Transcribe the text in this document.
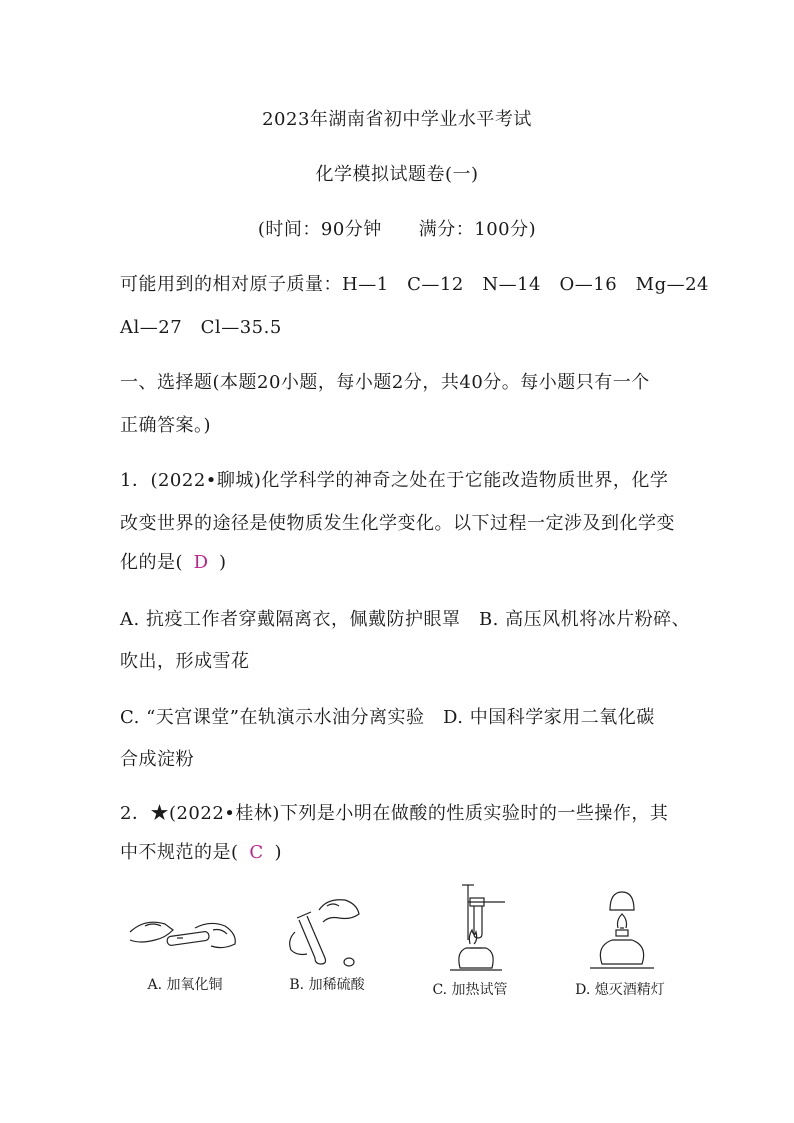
2023年湖南省初中学业水平考试
化学模拟试题卷(一)
(时间：90分钟　　满分：100分)
可能用到的相对原子质量：H—1　C—12　N—14　O—16　Mg—24
Al—27　Cl—35.5
一、选择题(本题20小题，每小题2分，共40分。每小题只有一个
正确答案。)
1．(2022•聊城)化学科学的神奇之处在于它能改造物质世界，化学
改变世界的途径是使物质发生化学变化。以下过程一定涉及到化学变
化的是( D )
A. 抗疫工作者穿戴隔离衣，佩戴防护眼罩　B. 高压风机将冰片粉碎、
吹出，形成雪花
C. “天宫课堂”在轨演示水油分离实验　D. 中国科学家用二氧化碳
合成淀粉
2．★(2022•桂林)下列是小明在做酸的性质实验时的一些操作，其
中不规范的是( C )
A. 加氧化铜	B. 加稀硫酸	C. 加热试管	D. 熄灭酒精灯
